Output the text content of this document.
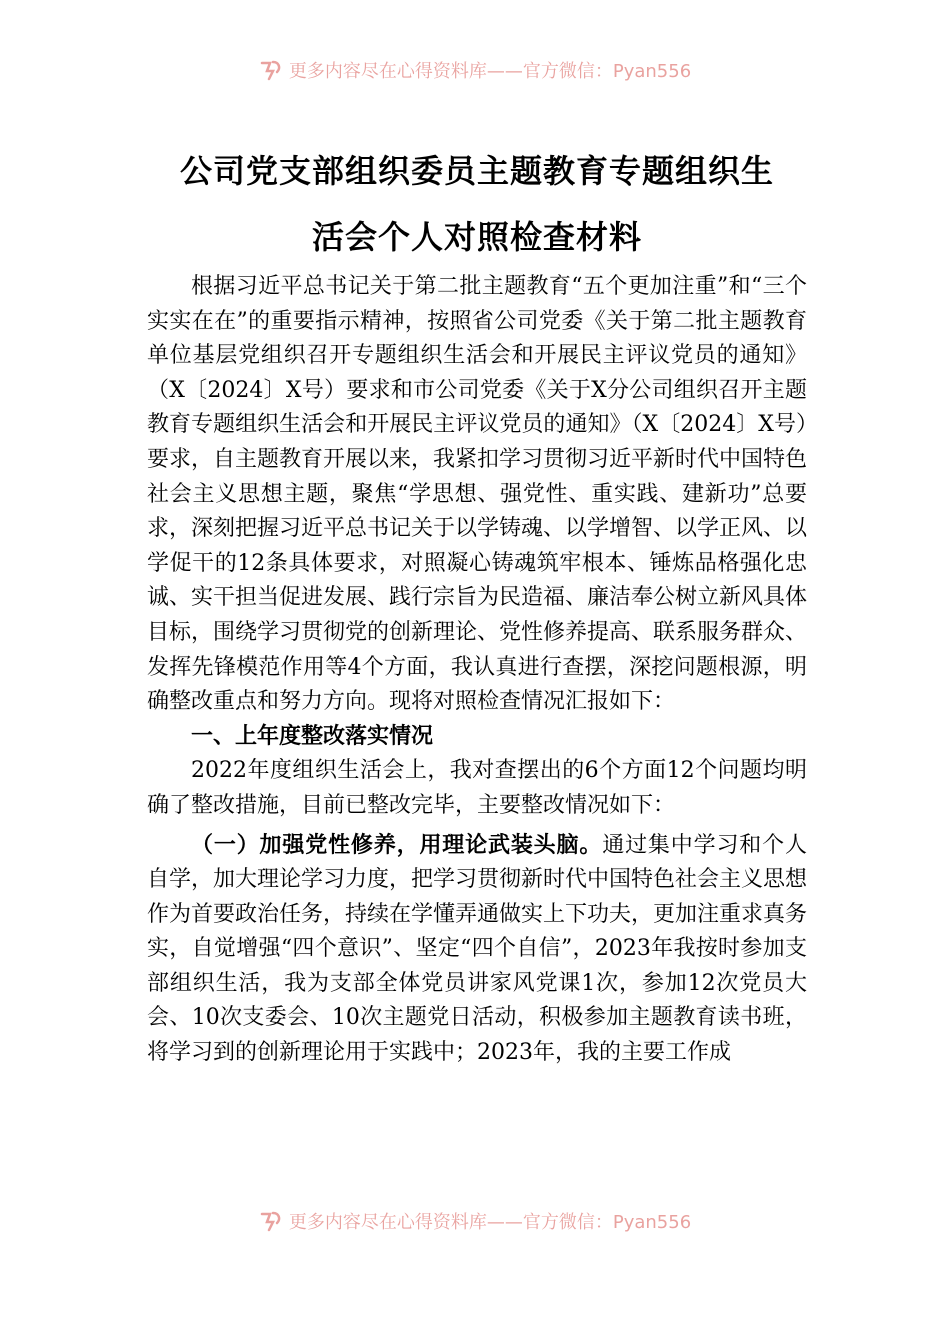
更多内容尽在心得资料库——官方微信：Pyan556
公司党支部组织委员主题教育专题组织生
活会个人对照检查材料

根据习近平总书记关于第二批主题教育“五个更加注重”和“三个实实在在”的重要指示精神，按照省公司党委《关于第二批主题教育单位基层党组织召开专题组织生活会和开展民主评议党员的通知》（X〔2024〕X号）要求和市公司党委《关于X分公司组织召开主题教育专题组织生活会和开展民主评议党员的通知》（X〔2024〕X号）要求，自主题教育开展以来，我紧扣学习贯彻习近平新时代中国特色社会主义思想主题，聚焦“学思想、强党性、重实践、建新功”总要求，深刻把握习近平总书记关于以学铸魂、以学增智、以学正风、以学促干的12条具体要求，对照凝心铸魂筑牢根本、锤炼品格强化忠诚、实干担当促进发展、践行宗旨为民造福、廉洁奉公树立新风具体目标，围绕学习贯彻党的创新理论、党性修养提高、联系服务群众、发挥先锋模范作用等4个方面，我认真进行查摆，深挖问题根源，明确整改重点和努力方向。现将对照检查情况汇报如下：

一、上年度整改落实情况

2022年度组织生活会上，我对查摆出的6个方面12个问题均明确了整改措施，目前已整改完毕，主要整改情况如下：

（一）加强党性修养，用理论武装头脑。通过集中学习和个人自学，加大理论学习力度，把学习贯彻新时代中国特色社会主义思想作为首要政治任务，持续在学懂弄通做实上下功夫，更加注重求真务实，自觉增强“四个意识”、坚定“四个自信”，2023年我按时参加支部组织生活，我为支部全体党员讲家风党课1次，参加12次党员大会、10次支委会、10次主题党日活动，积极参加主题教育读书班，将学习到的创新理论用于实践中；2023年，我的主要工作成

更多内容尽在心得资料库——官方微信：Pyan556
